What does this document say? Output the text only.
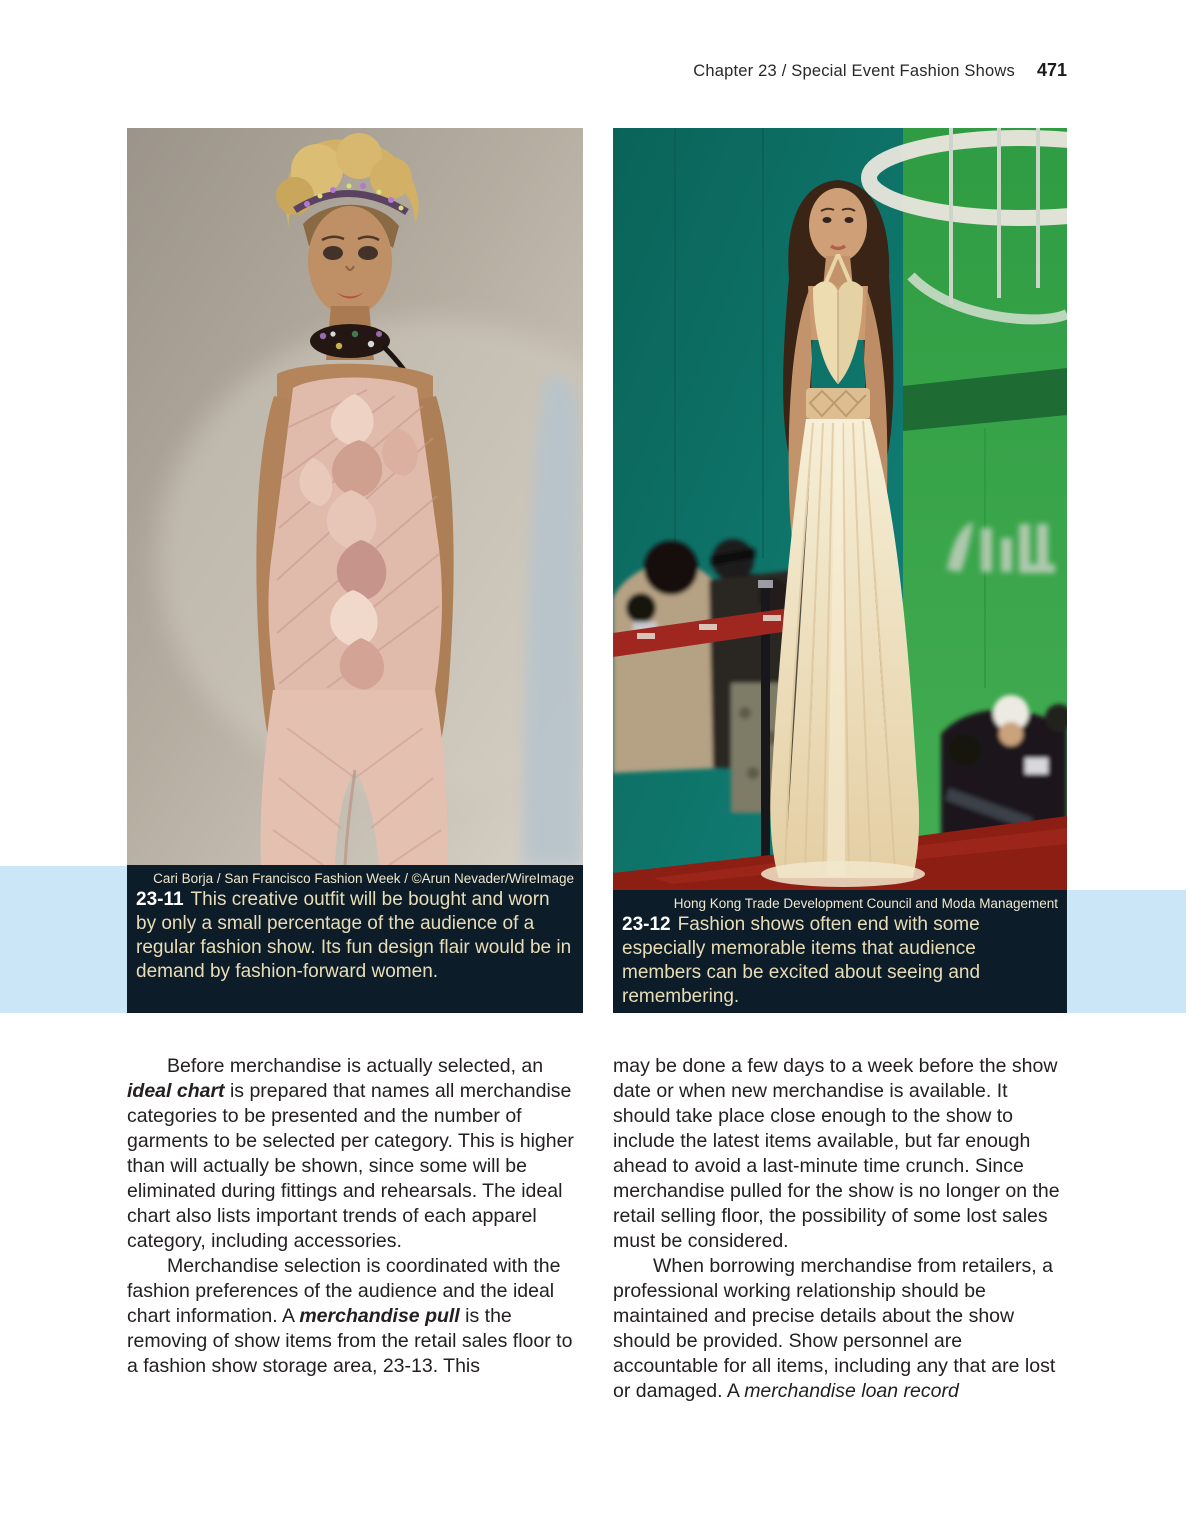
Chapter 23 / Special Event Fashion Shows 471
Cari Borja / San Francisco Fashion Week / ©Arun Nevader/WireImage

23-11 This creative outfit will be bought and worn by only a small percentage of the audience of a regular fashion show. Its fun design flair would be in demand by fashion-forward women.

Hong Kong Trade Development Council and Moda Management

23-12 Fashion shows often end with some especially memorable items that audience members can be excited about seeing and remembering.

Before merchandise is actually selected, an ideal chart is prepared that names all merchandise categories to be presented and the number of garments to be selected per category. This is higher than will actually be shown, since some will be eliminated during fittings and rehearsals. The ideal chart also lists important trends of each apparel category, including accessories.

Merchandise selection is coordinated with the fashion preferences of the audience and the ideal chart information. A merchandise pull is the removing of show items from the retail sales floor to a fashion show storage area, 23-13. This

may be done a few days to a week before the show date or when new merchandise is available. It should take place close enough to the show to include the latest items available, but far enough ahead to avoid a last-minute time crunch. Since merchandise pulled for the show is no longer on the retail selling floor, the possibility of some lost sales must be considered.

When borrowing merchandise from retailers, a professional working relationship should be maintained and precise details about the show should be provided. Show personnel are accountable for all items, including any that are lost or damaged. A merchandise loan record
